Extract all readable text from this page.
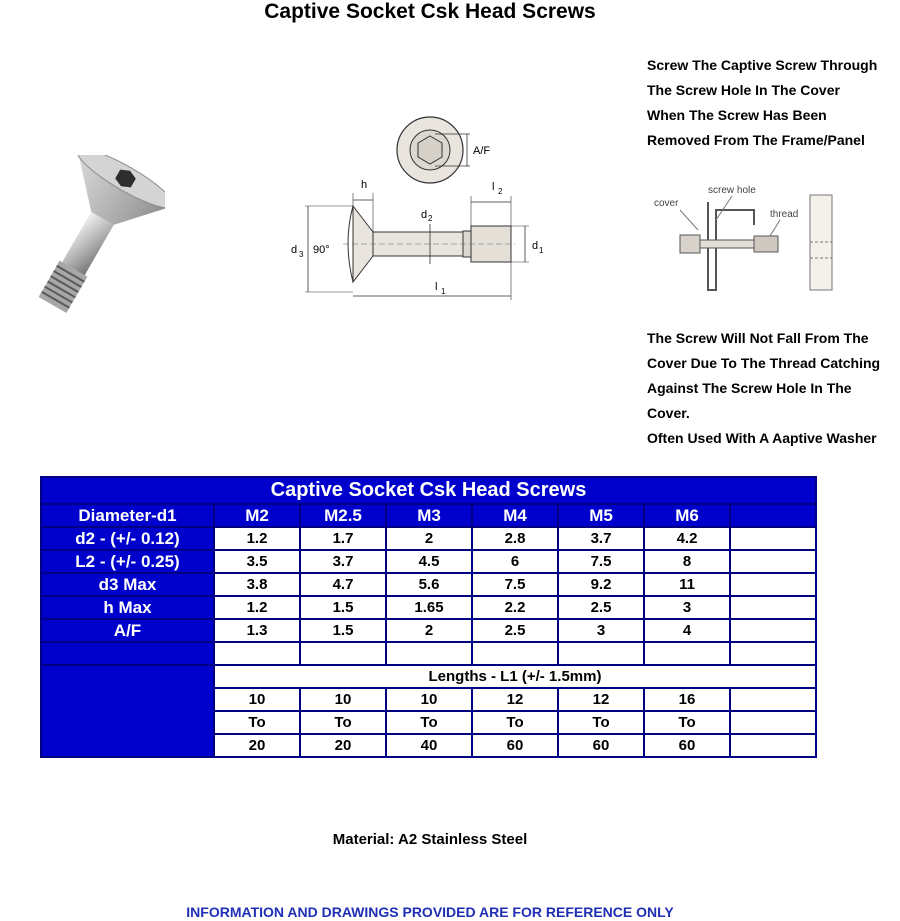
Captive Socket Csk Head Screws
A/F
d 3 90°
h
d 2
l 2
d 1
l 1
Screw The Captive Screw Through
The Screw Hole In The Cover
When The Screw Has Been
Removed From The Frame/Panel
cover
screw hole
thread
The Screw Will Not Fall From The
Cover Due To The Thread Catching
Against The Screw Hole In The
Cover.
Often Used With A Aaptive Washer
Captive Socket Csk Head Screws							
Diameter-d1	M2	M2.5	M3	M4	M5	M6	
d2 - (+/- 0.12)	1.2	1.7	2	2.8	3.7	4.2	
L2 - (+/- 0.25)	3.5	3.7	4.5	6	7.5	8	
d3 Max	3.8	4.7	5.6	7.5	9.2	11	
h Max	1.2	1.5	1.65	2.2	2.5	3	
A/F	1.3	1.5	2	2.5	3	4	

	Lengths - L1 (+/- 1.5mm)						
	10	10	10	12	12	16	
	To	To	To	To	To	To	
	20	20	40	60	60	60	
Material: A2 Stainless Steel
INFORMATION AND DRAWINGS PROVIDED ARE FOR REFERENCE ONLY
